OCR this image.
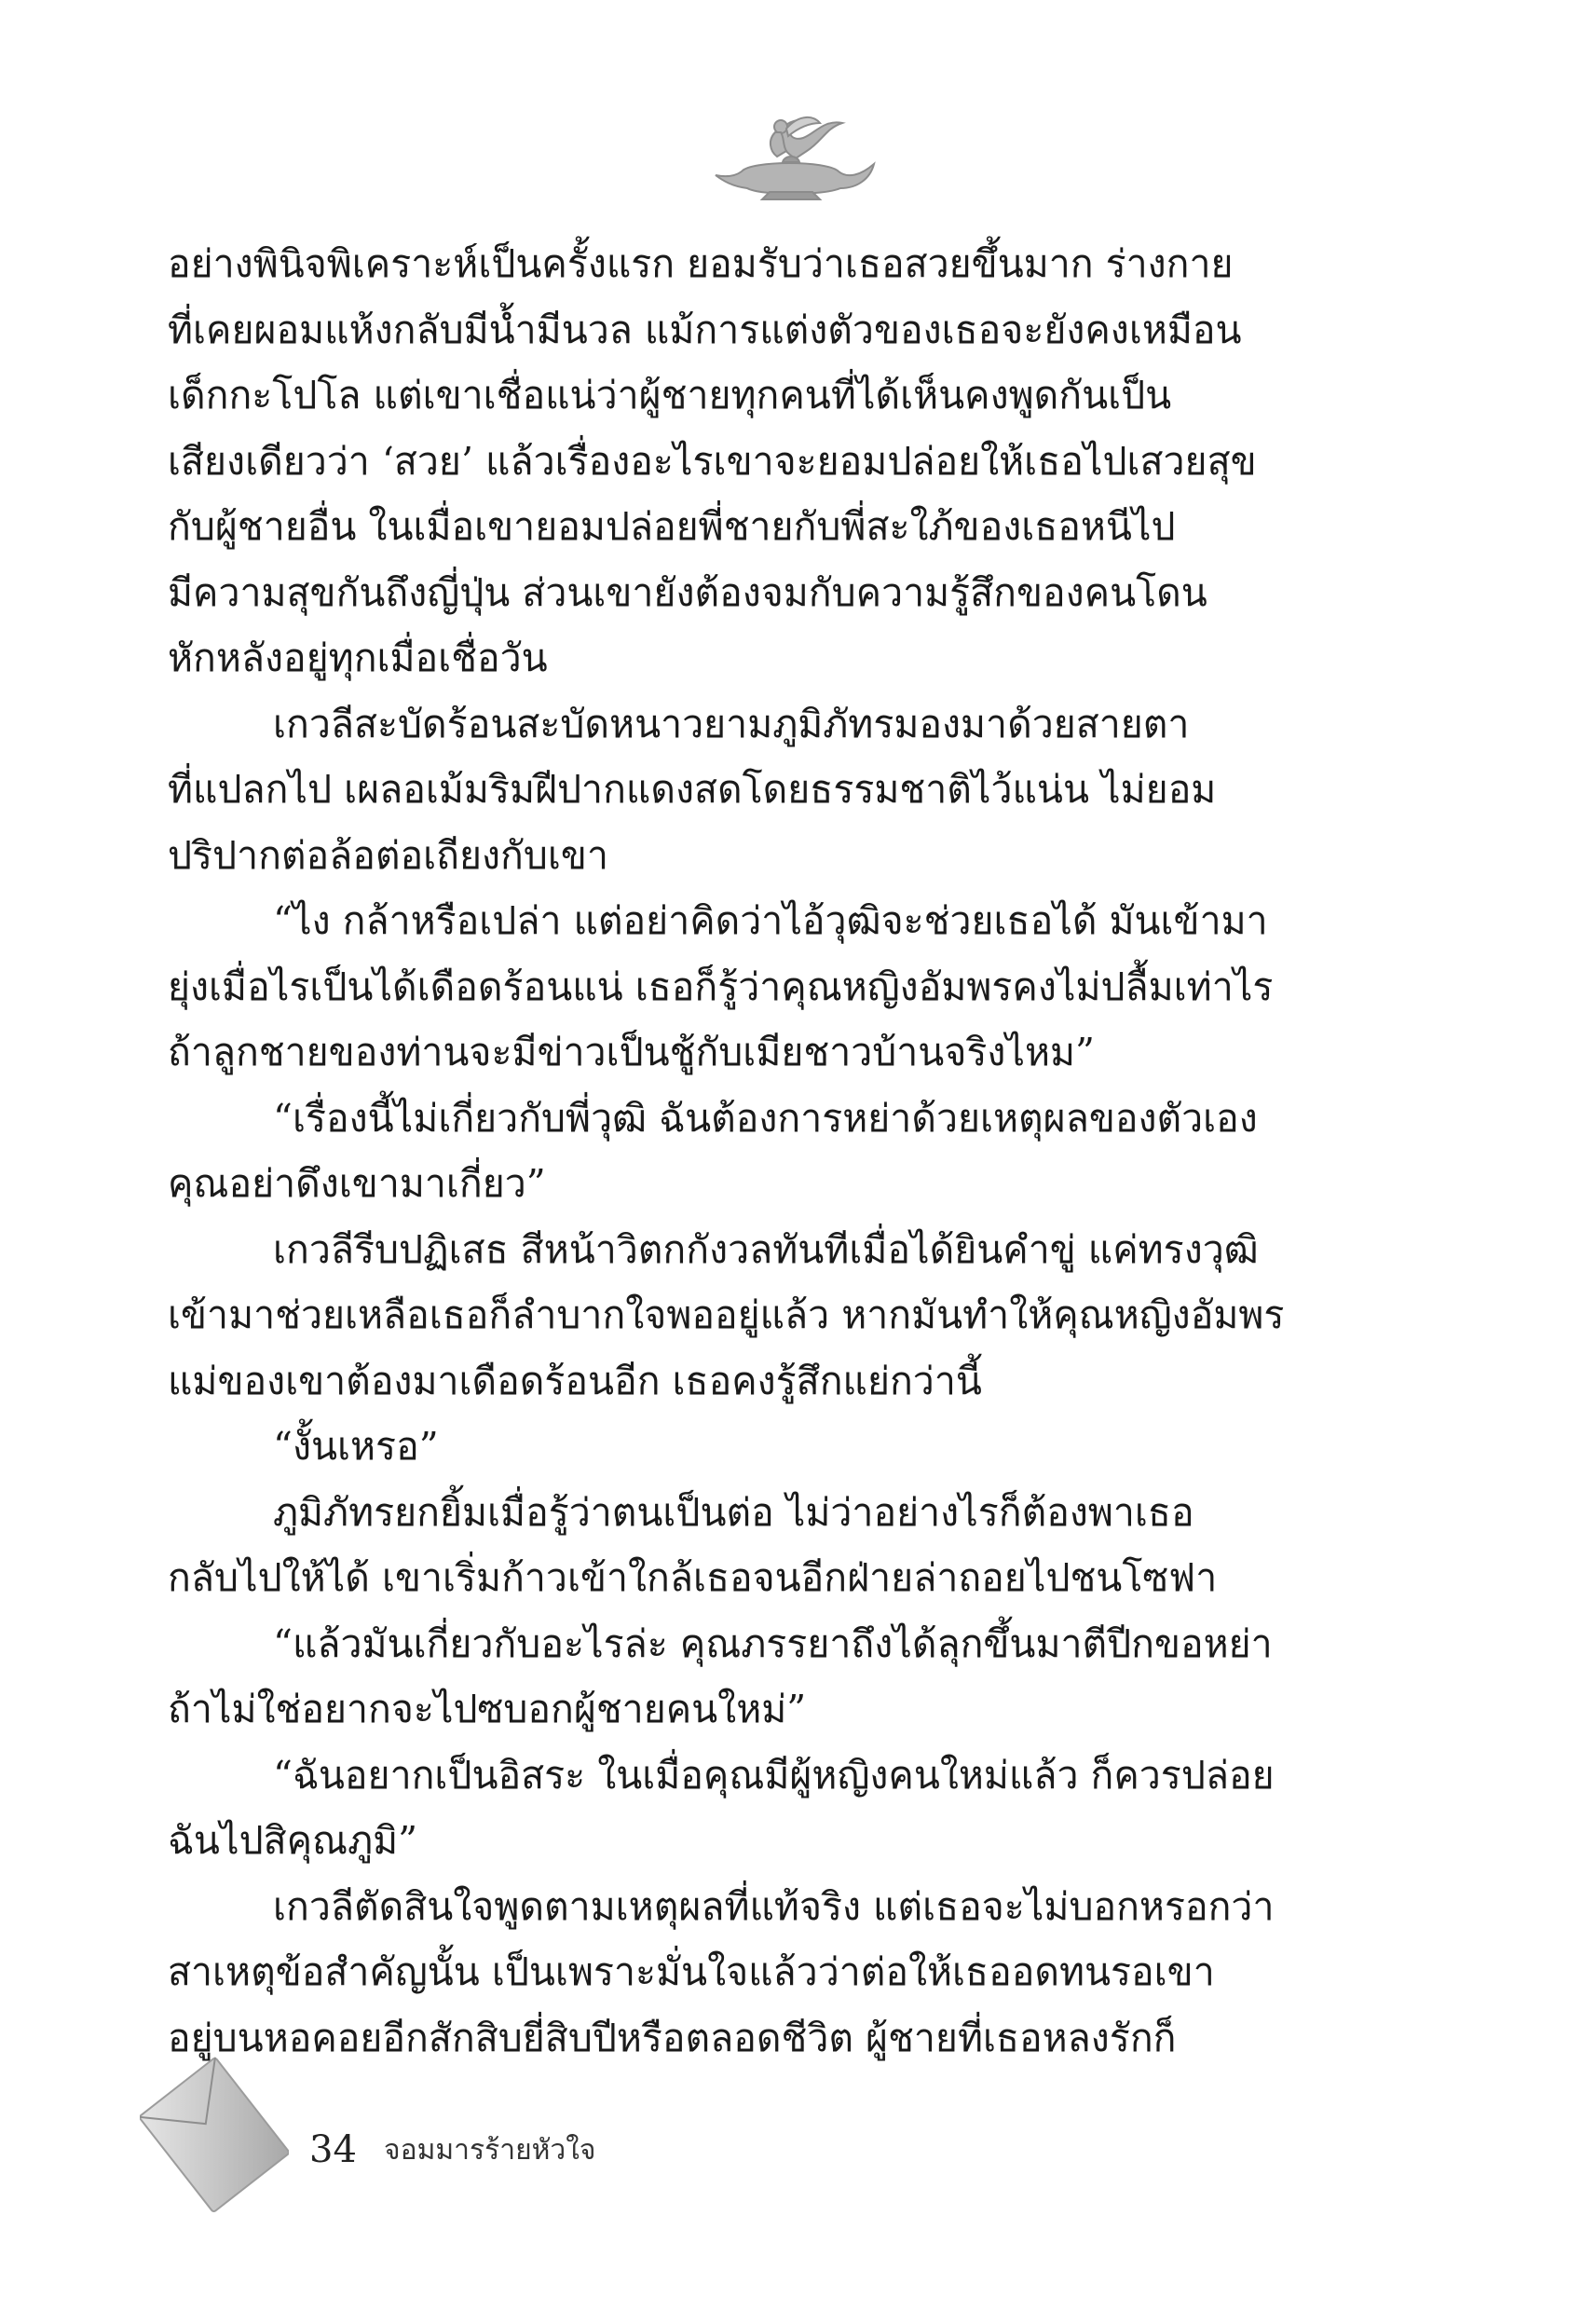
อย่างพินิจพิเคราะห์เป็นครั้งแรก ยอมรับว่าเธอสวยขึ้นมาก ร่างกาย
ที่เคยผอมแห้งกลับมีน้ำมีนวล แม้การแต่งตัวของเธอจะยังคงเหมือน
เด็กกะโปโล แต่เขาเชื่อแน่ว่าผู้ชายทุกคนที่ได้เห็นคงพูดกันเป็น
เสียงเดียวว่า ‘สวย’ แล้วเรื่องอะไรเขาจะยอมปล่อยให้เธอไปเสวยสุข
กับผู้ชายอื่น ในเมื่อเขายอมปล่อยพี่ชายกับพี่สะใภ้ของเธอหนีไป
มีความสุขกันถึงญี่ปุ่น ส่วนเขายังต้องจมกับความรู้สึกของคนโดน
หักหลังอยู่ทุกเมื่อเชื่อวัน
เกวลีสะบัดร้อนสะบัดหนาวยามภูมิภัทรมองมาด้วยสายตา
ที่แปลกไป เผลอเม้มริมฝีปากแดงสดโดยธรรมชาติไว้แน่น ไม่ยอม
ปริปากต่อล้อต่อเถียงกับเขา
“ไง กล้าหรือเปล่า แต่อย่าคิดว่าไอ้วุฒิจะช่วยเธอได้ มันเข้ามา
ยุ่งเมื่อไรเป็นได้เดือดร้อนแน่ เธอก็รู้ว่าคุณหญิงอัมพรคงไม่ปลื้มเท่าไร
ถ้าลูกชายของท่านจะมีข่าวเป็นชู้กับเมียชาวบ้านจริงไหม”
“เรื่องนี้ไม่เกี่ยวกับพี่วุฒิ ฉันต้องการหย่าด้วยเหตุผลของตัวเอง
คุณอย่าดึงเขามาเกี่ยว”
เกวลีรีบปฏิเสธ สีหน้าวิตกกังวลทันทีเมื่อได้ยินคำขู่ แค่ทรงวุฒิ
เข้ามาช่วยเหลือเธอก็ลำบากใจพออยู่แล้ว หากมันทำให้คุณหญิงอัมพร
แม่ของเขาต้องมาเดือดร้อนอีก เธอคงรู้สึกแย่กว่านี้
“งั้นเหรอ”
ภูมิภัทรยกยิ้มเมื่อรู้ว่าตนเป็นต่อ ไม่ว่าอย่างไรก็ต้องพาเธอ
กลับไปให้ได้ เขาเริ่มก้าวเข้าใกล้เธอจนอีกฝ่ายล่าถอยไปชนโซฟา
“แล้วมันเกี่ยวกับอะไรล่ะ คุณภรรยาถึงได้ลุกขึ้นมาตีปีกขอหย่า
ถ้าไม่ใช่อยากจะไปซบอกผู้ชายคนใหม่”
“ฉันอยากเป็นอิสระ ในเมื่อคุณมีผู้หญิงคนใหม่แล้ว ก็ควรปล่อย
ฉันไปสิคุณภูมิ”
เกวลีตัดสินใจพูดตามเหตุผลที่แท้จริง แต่เธอจะไม่บอกหรอกว่า
สาเหตุข้อสำคัญนั้น เป็นเพราะมั่นใจแล้วว่าต่อให้เธออดทนรอเขา
อยู่บนหอคอยอีกสักสิบยี่สิบปีหรือตลอดชีวิต ผู้ชายที่เธอหลงรักก็
34 จอมมารร้ายหัวใจ
